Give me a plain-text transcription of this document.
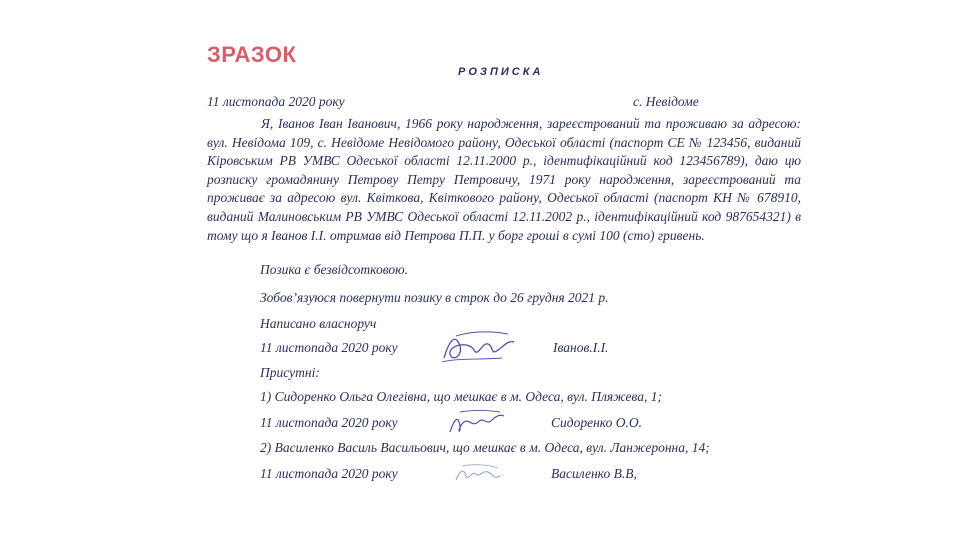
ЗРАЗОК
РОЗПИСКА
11 листопада 2020 року	с. Невідоме
Я, Іванов Іван Іванович, 1966 року народження, зареєстрований та проживаю за адресою: вул. Невідома 109, с. Невідоме Невідомого району, Одеської області (паспорт СЕ № 123456, виданий Кіровським РВ УМВС Одеської області 12.11.2000 р., ідентифікаційний код 123456789), даю цю розписку громадянину Петрову Петру Петровичу, 1971 року народження, зареєстрований та проживає за адресою вул. Квіткова, Квіткового району, Одеської області (паспорт КН № 678910, виданий Малиновським РВ УМВС Одеської області 12.11.2002 р., ідентифікаційний код 987654321) в тому що я Іванов І.І. отримав від Петрова П.П. у борг гроші в сумі 100 (сто) гривень.
Позика є безвідсотковою.
Зобов’язуюся повернути позику в строк до 26 грудня 2021 р.
Написано власноруч
11 листопада 2020 року	Іванов.І.І.
Присутні:
1) Сидоренко Ольга Олегівна, що мешкає в м. Одеса, вул. Пляжева, 1;
11 листопада 2020 року	Сидоренко О.О.
2) Василенко Василь Васильович, що мешкає в м. Одеса, вул. Ланжеронна, 14;
11 листопада 2020 року	Василенко В.В,
